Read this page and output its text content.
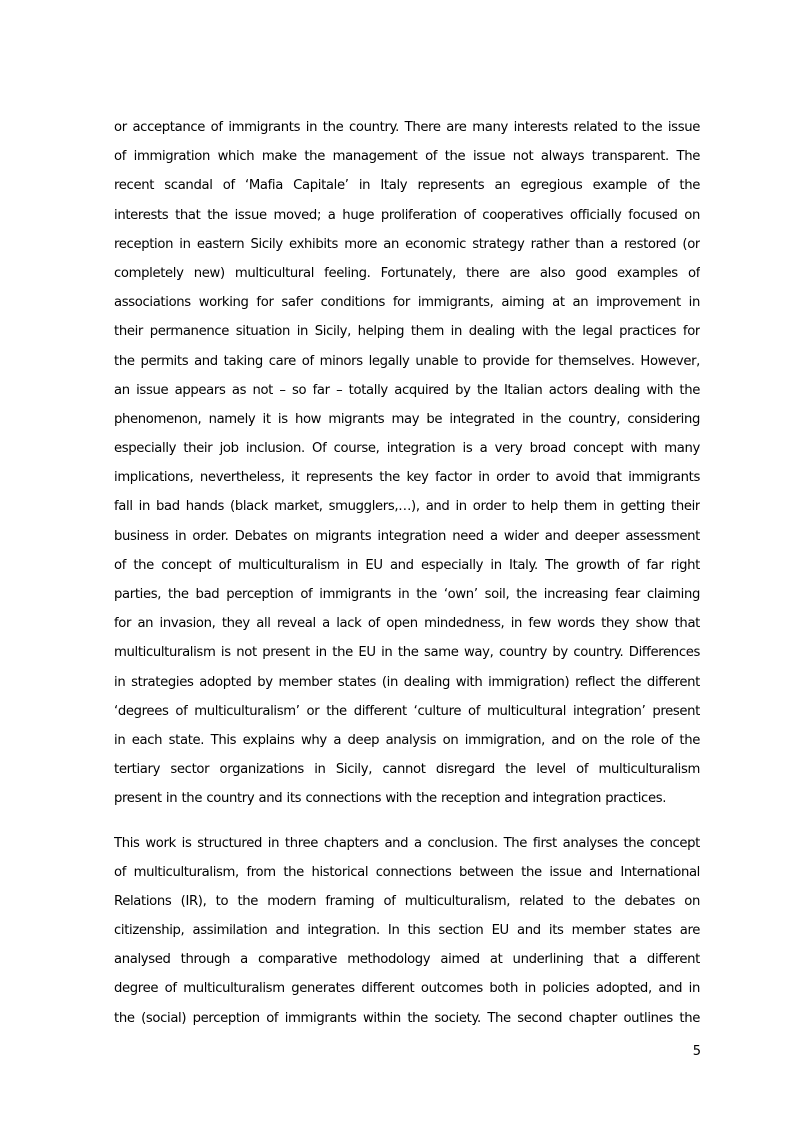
or acceptance of immigrants in the country. There are many interests related to the issue
of immigration which make the management of the issue not always transparent. The
recent scandal of ‘Mafia Capitale’ in Italy represents an egregious example of the
interests that the issue moved; a huge proliferation of cooperatives officially focused on
reception in eastern Sicily exhibits more an economic strategy rather than a restored (or
completely new) multicultural feeling. Fortunately, there are also good examples of
associations working for safer conditions for immigrants, aiming at an improvement in
their permanence situation in Sicily, helping them in dealing with the legal practices for
the permits and taking care of minors legally unable to provide for themselves. However,
an issue appears as not – so far – totally acquired by the Italian actors dealing with the
phenomenon, namely it is how migrants may be integrated in the country, considering
especially their job inclusion. Of course, integration is a very broad concept with many
implications, nevertheless, it represents the key factor in order to avoid that immigrants
fall in bad hands (black market, smugglers,…), and in order to help them in getting their
business in order. Debates on migrants integration need a wider and deeper assessment
of the concept of multiculturalism in EU and especially in Italy. The growth of far right
parties, the bad perception of immigrants in the ‘own’ soil, the increasing fear claiming
for an invasion, they all reveal a lack of open mindedness, in few words they show that
multiculturalism is not present in the EU in the same way, country by country. Differences
in strategies adopted by member states (in dealing with immigration) reflect the different
‘degrees of multiculturalism’ or the different ‘culture of multicultural integration’ present
in each state. This explains why a deep analysis on immigration, and on the role of the
tertiary sector organizations in Sicily, cannot disregard the level of multiculturalism
present in the country and its connections with the reception and integration practices.

This work is structured in three chapters and a conclusion. The first analyses the concept
of multiculturalism, from the historical connections between the issue and International
Relations (IR), to the modern framing of multiculturalism, related to the debates on
citizenship, assimilation and integration. In this section EU and its member states are
analysed through a comparative methodology aimed at underlining that a different
degree of multiculturalism generates different outcomes both in policies adopted, and in
the (social) perception of immigrants within the society. The second chapter outlines the

5
